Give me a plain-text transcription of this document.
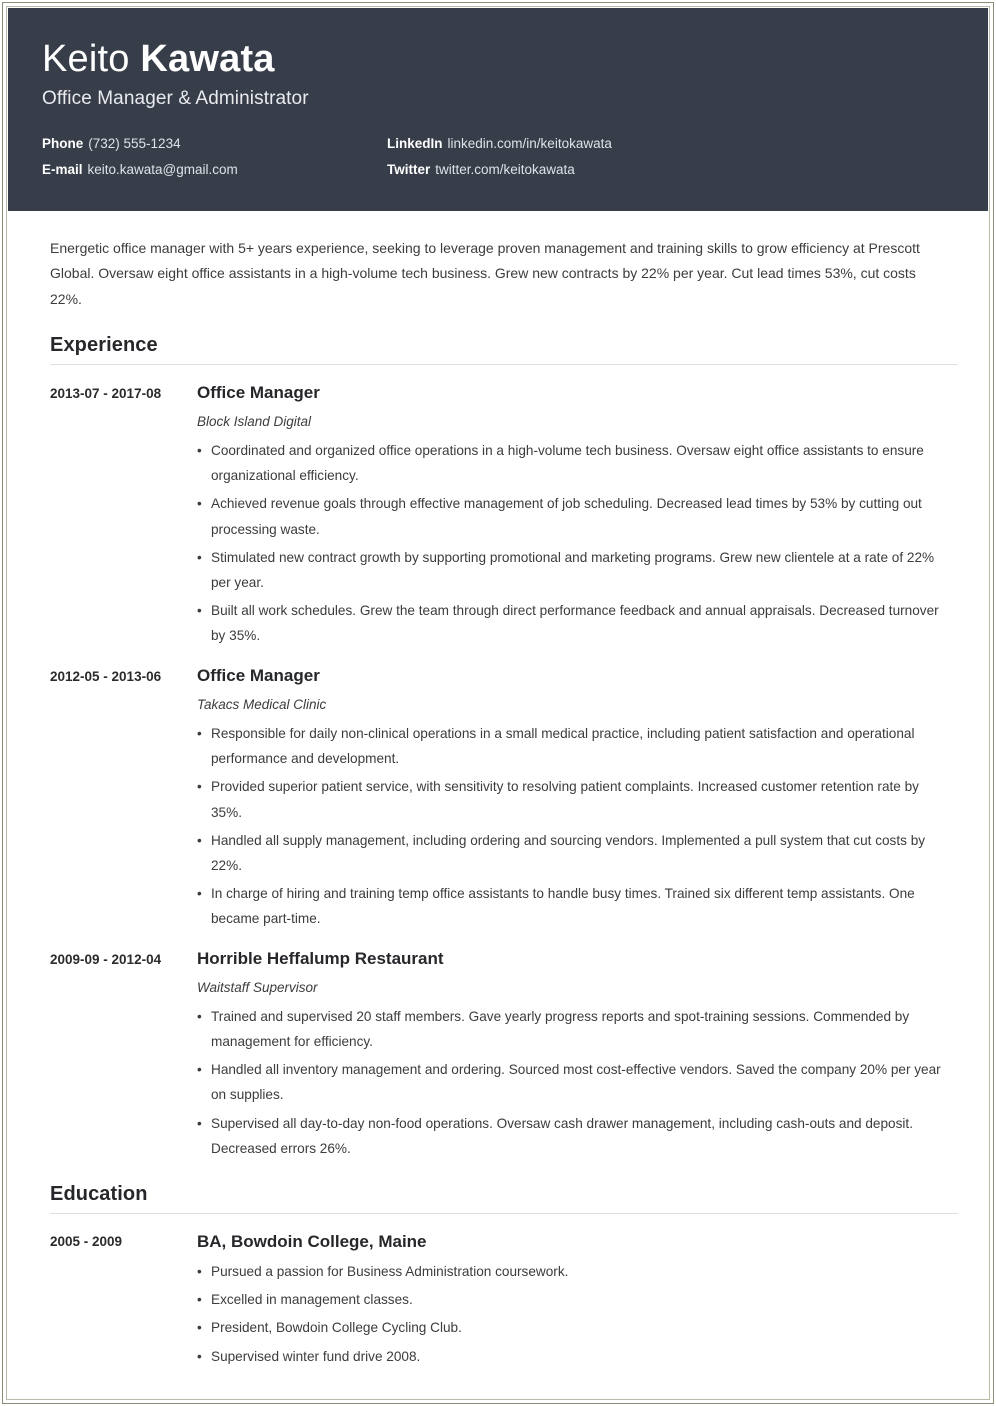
Keito Kawata
Office Manager & Administrator
Phone (732) 555-1234	LinkedIn linkedin.com/in/keitokawata
E-mail keito.kawata@gmail.com	Twitter twitter.com/keitokawata

Energetic office manager with 5+ years experience, seeking to leverage proven management and training skills to grow efficiency at Prescott Global. Oversaw eight office assistants in a high-volume tech business. Grew new contracts by 22% per year. Cut lead times 53%, cut costs 22%.

Experience
2013-07 - 2017-08	Office Manager
Block Island Digital
• Coordinated and organized office operations in a high-volume tech business. Oversaw eight office assistants to ensure organizational efficiency.
• Achieved revenue goals through effective management of job scheduling. Decreased lead times by 53% by cutting out processing waste.
• Stimulated new contract growth by supporting promotional and marketing programs. Grew new clientele at a rate of 22% per year.
• Built all work schedules. Grew the team through direct performance feedback and annual appraisals. Decreased turnover by 35%.
2012-05 - 2013-06	Office Manager
Takacs Medical Clinic
• Responsible for daily non-clinical operations in a small medical practice, including patient satisfaction and operational performance and development.
• Provided superior patient service, with sensitivity to resolving patient complaints. Increased customer retention rate by 35%.
• Handled all supply management, including ordering and sourcing vendors. Implemented a pull system that cut costs by 22%.
• In charge of hiring and training temp office assistants to handle busy times. Trained six different temp assistants. One became part-time.
2009-09 - 2012-04	Horrible Heffalump Restaurant
Waitstaff Supervisor
• Trained and supervised 20 staff members. Gave yearly progress reports and spot-training sessions. Commended by management for efficiency.
• Handled all inventory management and ordering. Sourced most cost-effective vendors. Saved the company 20% per year on supplies.
• Supervised all day-to-day non-food operations. Oversaw cash drawer management, including cash-outs and deposit. Decreased errors 26%.
Education
2005 - 2009	BA, Bowdoin College, Maine
• Pursued a passion for Business Administration coursework.
• Excelled in management classes.
• President, Bowdoin College Cycling Club.
• Supervised winter fund drive 2008.
